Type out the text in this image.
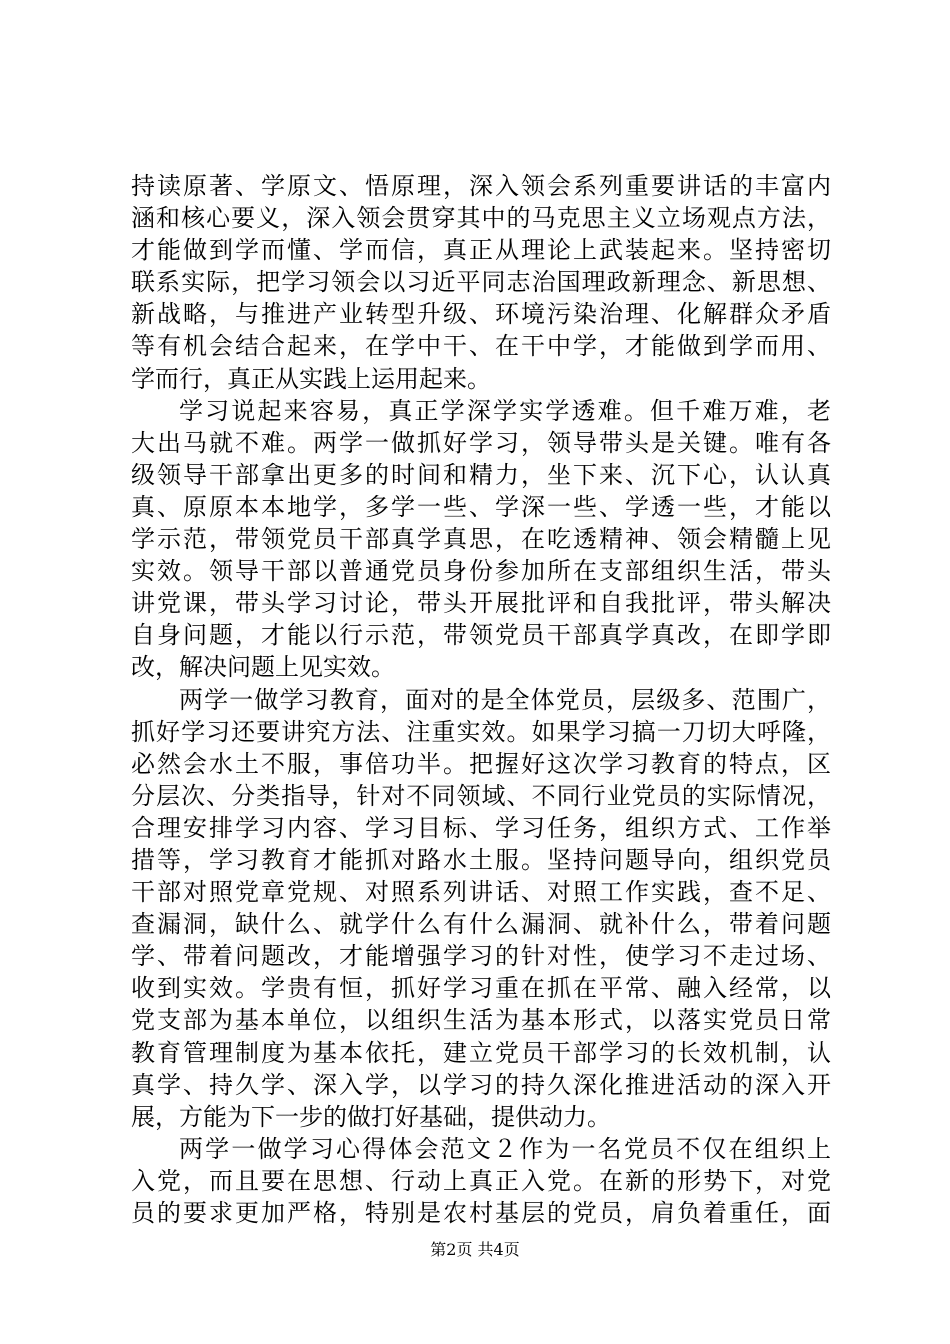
持读原著、学原文、悟原理，深入领会系列重要讲话的丰富内
涵和核心要义，深入领会贯穿其中的马克思主义立场观点方法，
才能做到学而懂、学而信，真正从理论上武装起来。坚持密切
联系实际，把学习领会以习近平同志治国理政新理念、新思想、
新战略，与推进产业转型升级、环境污染治理、化解群众矛盾
等有机会结合起来，在学中干、在干中学，才能做到学而用、
学而行，真正从实践上运用起来。
学习说起来容易，真正学深学实学透难。但千难万难，老
大出马就不难。两学一做抓好学习，领导带头是关键。唯有各
级领导干部拿出更多的时间和精力，坐下来、沉下心，认认真
真、原原本本地学，多学一些、学深一些、学透一些，才能以
学示范，带领党员干部真学真思，在吃透精神、领会精髓上见
实效。领导干部以普通党员身份参加所在支部组织生活，带头
讲党课，带头学习讨论，带头开展批评和自我批评，带头解决
自身问题，才能以行示范，带领党员干部真学真改，在即学即
改，解决问题上见实效。
两学一做学习教育，面对的是全体党员，层级多、范围广，
抓好学习还要讲究方法、注重实效。如果学习搞一刀切大呼隆，
必然会水土不服，事倍功半。把握好这次学习教育的特点，区
分层次、分类指导，针对不同领域、不同行业党员的实际情况，
合理安排学习内容、学习目标、学习任务，组织方式、工作举
措等，学习教育才能抓对路水土服。坚持问题导向，组织党员
干部对照党章党规、对照系列讲话、对照工作实践，查不足、
查漏洞，缺什么、就学什么有什么漏洞、就补什么，带着问题
学、带着问题改，才能增强学习的针对性，使学习不走过场、
收到实效。学贵有恒，抓好学习重在抓在平常、融入经常，以
党支部为基本单位，以组织生活为基本形式，以落实党员日常
教育管理制度为基本依托，建立党员干部学习的长效机制，认
真学、持久学、深入学，以学习的持久深化推进活动的深入开
展，方能为下一步的做打好基础，提供动力。
两学一做学习心得体会范文２作为一名党员不仅在组织上
入党，而且要在思想、行动上真正入党。在新的形势下，对党
员的要求更加严格，特别是农村基层的党员，肩负着重任，面
第2页 共4页
